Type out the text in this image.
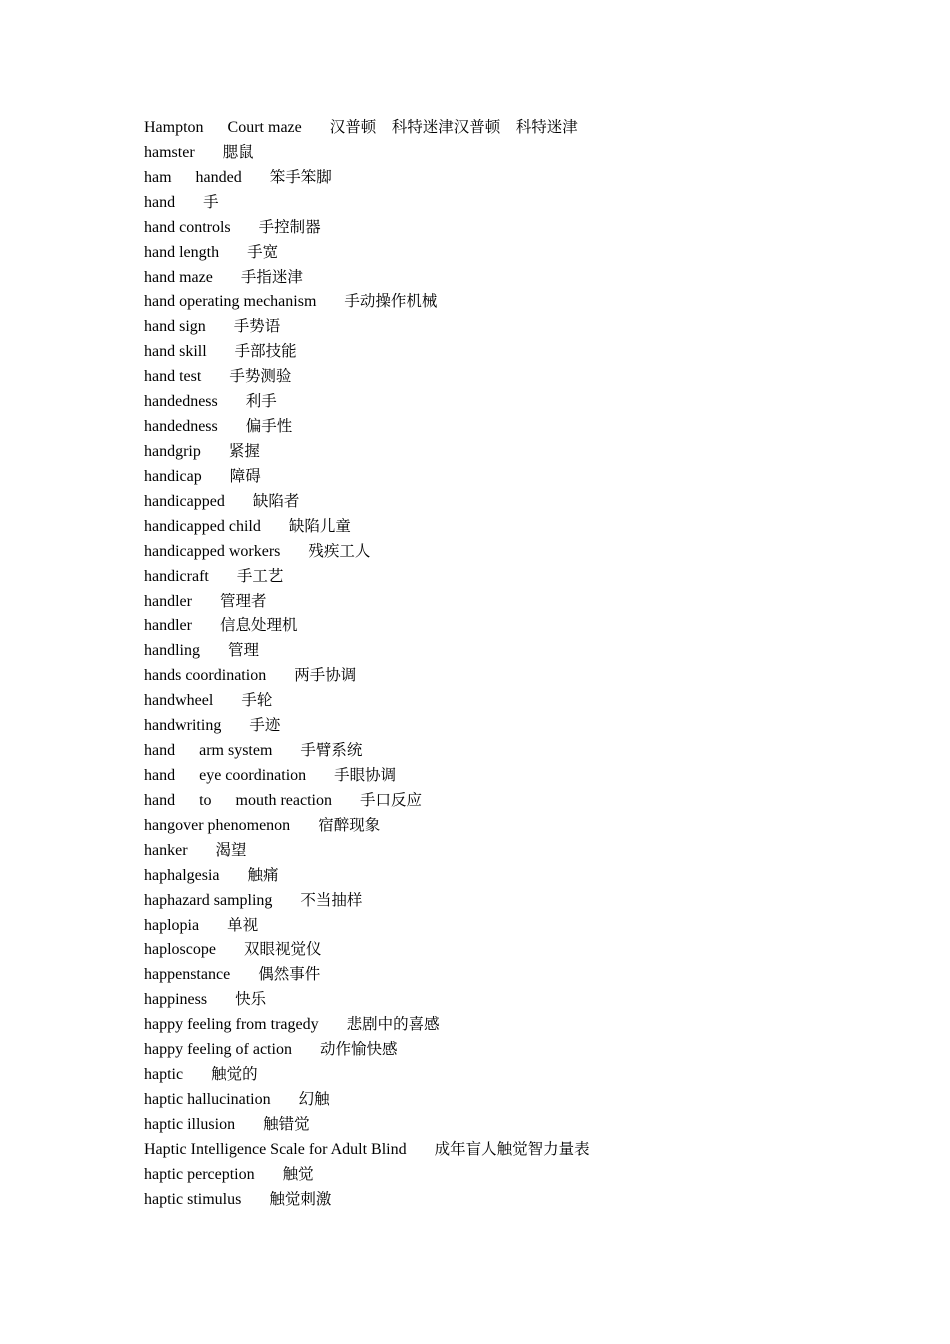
Hampton      Court maze 汉普顿　科特迷津汉普顿　科特迷津
hamster 腮鼠
ham      handed 笨手笨脚
hand 手
hand controls 手控制器
hand length 手宽
hand maze 手指迷津
hand operating mechanism 手动操作机械
hand sign 手势语
hand skill 手部技能
hand test 手势测验
handedness 利手
handedness 偏手性
handgrip 紧握
handicap 障碍
handicapped 缺陷者
handicapped child 缺陷儿童
handicapped workers 残疾工人
handicraft 手工艺
handler 管理者
handler 信息处理机
handling 管理
hands coordination 两手协调
handwheel 手轮
handwriting 手迹
hand      arm system 手臂系统
hand      eye coordination 手眼协调
hand      to      mouth reaction 手口反应
hangover phenomenon 宿醉现象
hanker 渴望
haphalgesia 触痛
haphazard sampling 不当抽样
haplopia 单视
haploscope 双眼视觉仪
happenstance 偶然事件
happiness 快乐
happy feeling from tragedy 悲剧中的喜感
happy feeling of action 动作愉快感
haptic 触觉的
haptic hallucination 幻触
haptic illusion 触错觉
Haptic Intelligence Scale for Adult Blind 成年盲人触觉智力量表
haptic perception 触觉
haptic stimulus 触觉刺激
